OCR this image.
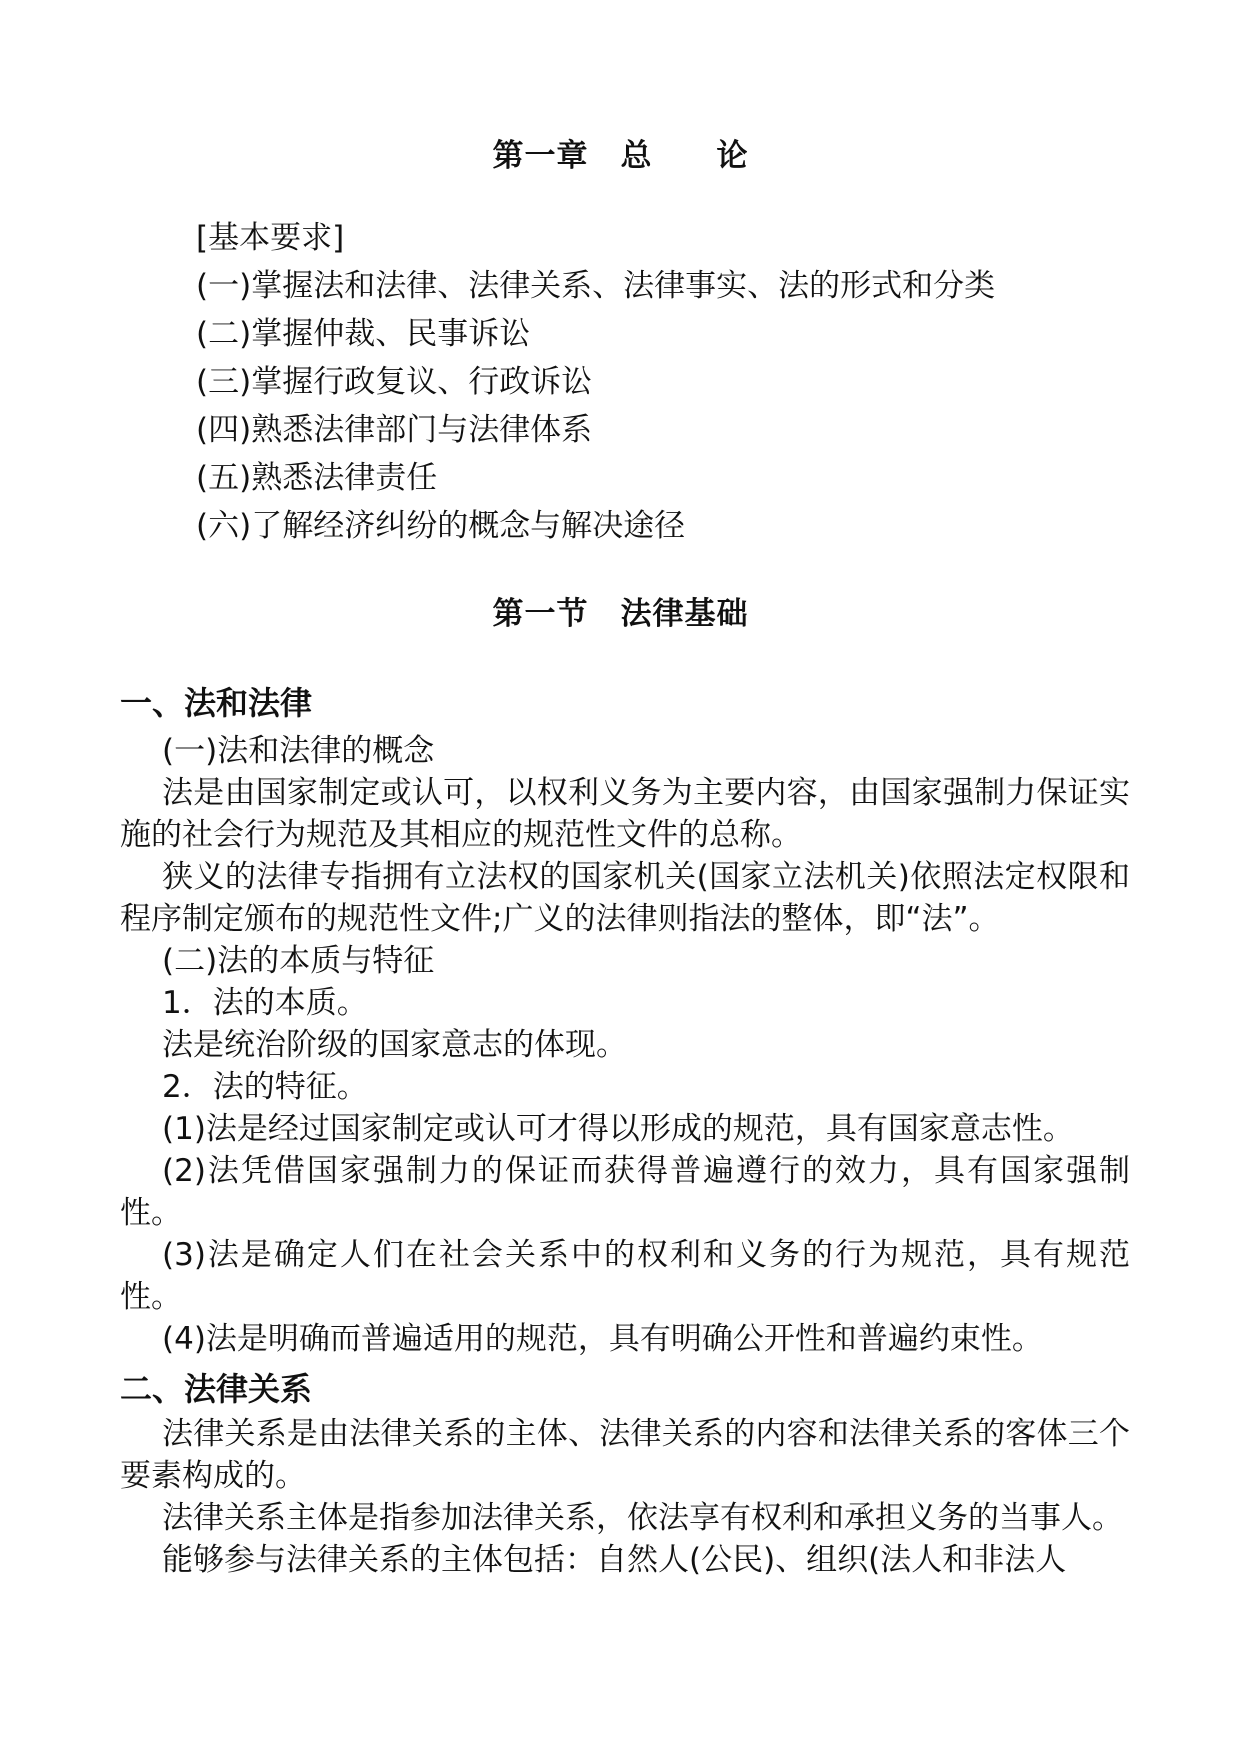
第一章　总　　论
[基本要求]
(一)掌握法和法律、法律关系、法律事实、法的形式和分类
(二)掌握仲裁、民事诉讼
(三)掌握行政复议、行政诉讼
(四)熟悉法律部门与法律体系
(五)熟悉法律责任
(六)了解经济纠纷的概念与解决途径
第一节　法律基础
一、法和法律

(一)法和法律的概念

法是由国家制定或认可，以权利义务为主要内容，由国家强制力保证实施的社会行为规范及其相应的规范性文件的总称。

狭义的法律专指拥有立法权的国家机关(国家立法机关)依照法定权限和程序制定颁布的规范性文件;广义的法律则指法的整体，即“法”。

(二)法的本质与特征

1．法的本质。

法是统治阶级的国家意志的体现。

2．法的特征。

(1)法是经过国家制定或认可才得以形成的规范，具有国家意志性。

(2)法凭借国家强制力的保证而获得普遍遵行的效力，具有国家强制性。

(3)法是确定人们在社会关系中的权利和义务的行为规范，具有规范性。

(4)法是明确而普遍适用的规范，具有明确公开性和普遍约束性。

二、法律关系

法律关系是由法律关系的主体、法律关系的内容和法律关系的客体三个要素构成的。

法律关系主体是指参加法律关系，依法享有权利和承担义务的当事人。

能够参与法律关系的主体包括：自然人(公民)、组织(法人和非法人
